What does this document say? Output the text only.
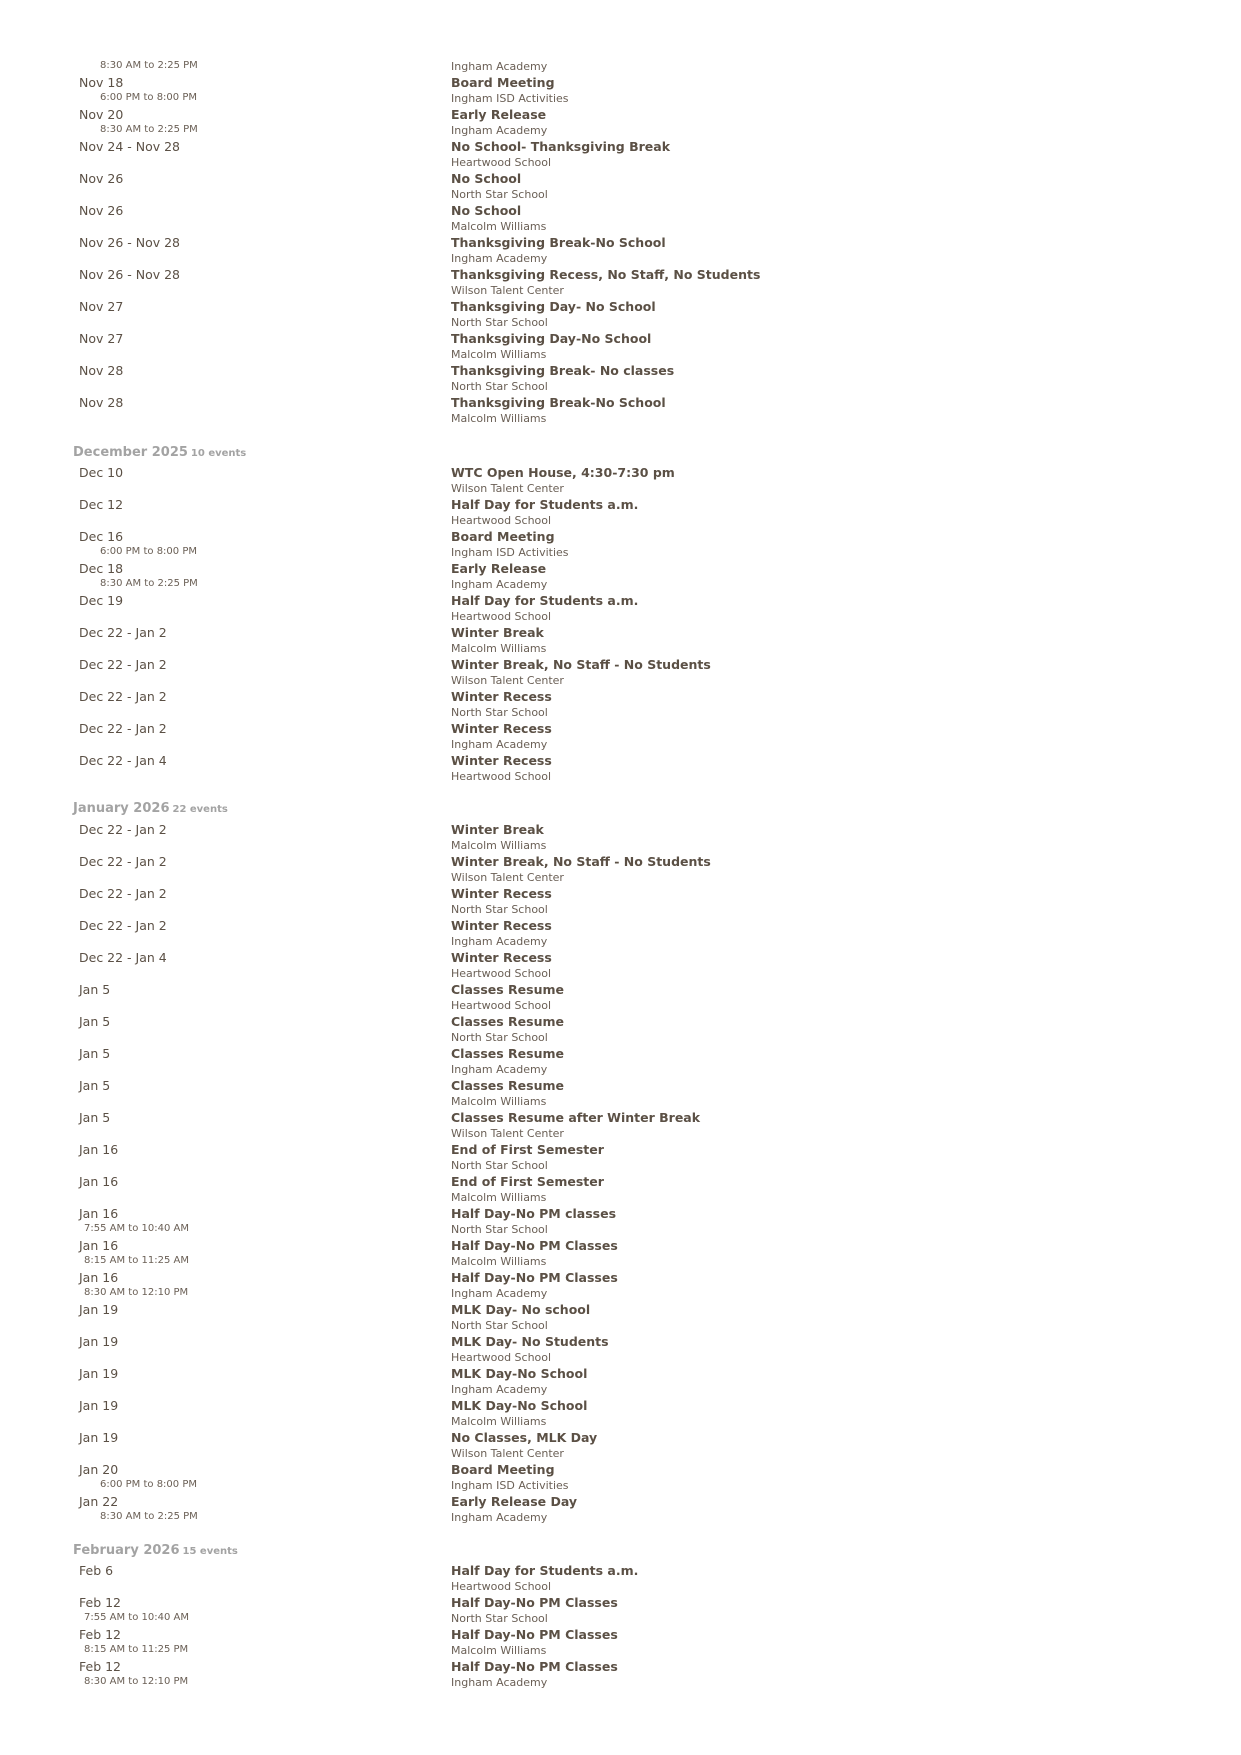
8:30 AM to 2:25 PM	Ingham Academy
Nov 18	Board Meeting
6:00 PM to 8:00 PM	Ingham ISD Activities
Nov 20	Early Release
8:30 AM to 2:25 PM	Ingham Academy
Nov 24 - Nov 28	No School- Thanksgiving Break
Heartwood School
Nov 26	No School
North Star School
Nov 26	No School
Malcolm Williams
Nov 26 - Nov 28	Thanksgiving Break-No School
Ingham Academy
Nov 26 - Nov 28	Thanksgiving Recess, No Staff, No Students
Wilson Talent Center
Nov 27	Thanksgiving Day- No School
North Star School
Nov 27	Thanksgiving Day-No School
Malcolm Williams
Nov 28	Thanksgiving Break- No classes
North Star School
Nov 28	Thanksgiving Break-No School
Malcolm Williams
December 2025 10 events
Dec 10	WTC Open House, 4:30-7:30 pm
Wilson Talent Center
Dec 12	Half Day for Students a.m.
Heartwood School
Dec 16	Board Meeting
6:00 PM to 8:00 PM	Ingham ISD Activities
Dec 18	Early Release
8:30 AM to 2:25 PM	Ingham Academy
Dec 19	Half Day for Students a.m.
Heartwood School
Dec 22 - Jan 2	Winter Break
Malcolm Williams
Dec 22 - Jan 2	Winter Break, No Staff - No Students
Wilson Talent Center
Dec 22 - Jan 2	Winter Recess
North Star School
Dec 22 - Jan 2	Winter Recess
Ingham Academy
Dec 22 - Jan 4	Winter Recess
Heartwood School
January 2026 22 events
Dec 22 - Jan 2	Winter Break
Malcolm Williams
Dec 22 - Jan 2	Winter Break, No Staff - No Students
Wilson Talent Center
Dec 22 - Jan 2	Winter Recess
North Star School
Dec 22 - Jan 2	Winter Recess
Ingham Academy
Dec 22 - Jan 4	Winter Recess
Heartwood School
Jan 5	Classes Resume
Heartwood School
Jan 5	Classes Resume
North Star School
Jan 5	Classes Resume
Ingham Academy
Jan 5	Classes Resume
Malcolm Williams
Jan 5	Classes Resume after Winter Break
Wilson Talent Center
Jan 16	End of First Semester
North Star School
Jan 16	End of First Semester
Malcolm Williams
Jan 16	Half Day-No PM classes
7:55 AM to 10:40 AM	North Star School
Jan 16	Half Day-No PM Classes
8:15 AM to 11:25 AM	Malcolm Williams
Jan 16	Half Day-No PM Classes
8:30 AM to 12:10 PM	Ingham Academy
Jan 19	MLK Day- No school
North Star School
Jan 19	MLK Day- No Students
Heartwood School
Jan 19	MLK Day-No School
Ingham Academy
Jan 19	MLK Day-No School
Malcolm Williams
Jan 19	No Classes, MLK Day
Wilson Talent Center
Jan 20	Board Meeting
6:00 PM to 8:00 PM	Ingham ISD Activities
Jan 22	Early Release Day
8:30 AM to 2:25 PM	Ingham Academy
February 2026 15 events
Feb 6	Half Day for Students a.m.
Heartwood School
Feb 12	Half Day-No PM Classes
7:55 AM to 10:40 AM	North Star School
Feb 12	Half Day-No PM Classes
8:15 AM to 11:25 PM	Malcolm Williams
Feb 12	Half Day-No PM Classes
8:30 AM to 12:10 PM	Ingham Academy
